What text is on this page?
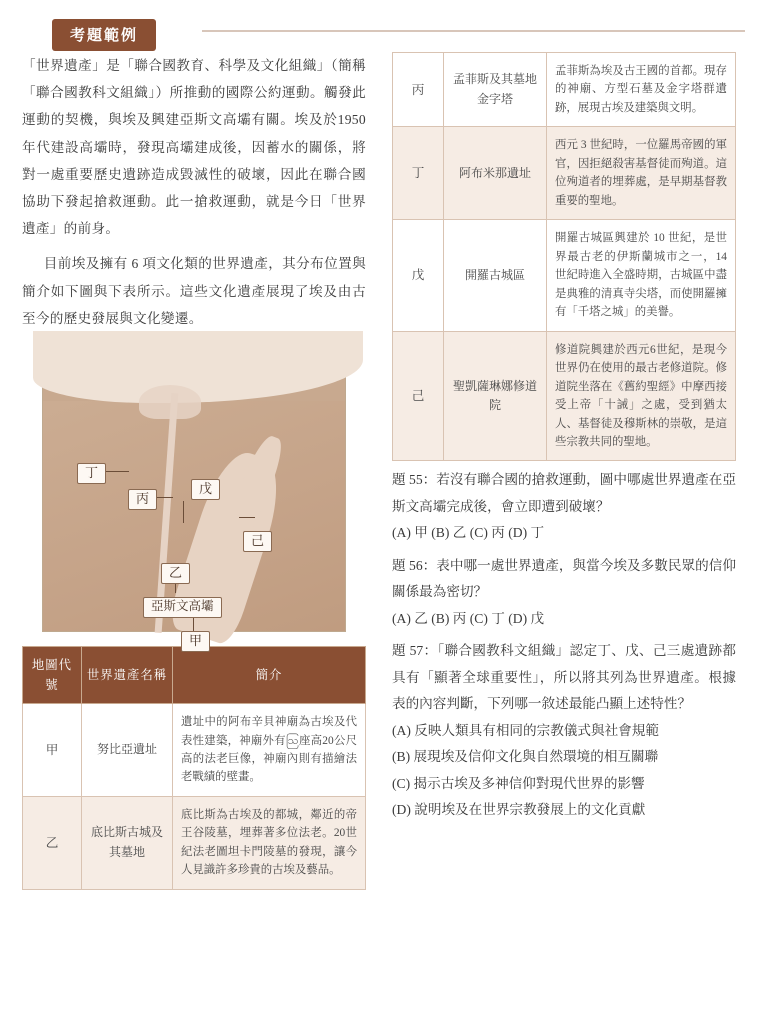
考題範例

「世界遺產」是「聯合國教育、科學及文化組織」（簡稱「聯合國教科文組織」）所推動的國際公約運動。觸發此運動的契機，與埃及興建亞斯文高壩有關。埃及於1950年代建設高壩時，發現高壩建成後，因蓄水的關係，將對一處重要歷史遺跡造成毀滅性的破壞，因此在聯合國協助下發起搶救運動。此一搶救運動，就是今日「世界遺產」的前身。

目前埃及擁有 6 項文化類的世界遺產，其分布位置與簡介如下圖與下表所示。這些文化遺產展現了埃及由古至今的歷史發展與文化變遷。

丁
丙
戊
己
乙
亞斯文高壩
甲
地圖代號	世界遺產名稱	簡介
甲	努比亞遺址	遺址中的阿布辛貝神廟為古埃及代表性建築，神廟外有ဩ座高20公尺高的法老巨像，神廟內則有描繪法老戰績的壁畫。
乙	底比斯古城及其墓地	底比斯為古埃及的都城，鄰近的帝王谷陵墓，埋葬著多位法老。20世紀法老圖坦卡門陵墓的發現，讓今人見識許多珍貴的古埃及藝品。
丙	孟菲斯及其墓地金字塔	孟菲斯為埃及古王國的首都。現存的神廟、方型石墓及金字塔群遺跡，展現古埃及建築與文明。
丁	阿布米那遺址	西元 3 世紀時，一位羅馬帝國的軍官，因拒絕殺害基督徒而殉道。這位殉道者的埋葬處，是早期基督教重要的聖地。
戊	開羅古城區	開羅古城區興建於 10 世紀，是世界最古老的伊斯蘭城市之一，14 世紀時進入全盛時期，古城區中盡是典雅的清真寺尖塔，而使開羅擁有「千塔之城」的美譽。
己	聖凱薩琳娜修道院	修道院興建於西元6世紀，是現今世界仍在使用的最古老修道院。修道院坐落在《舊約聖經》中摩西接受上帝「十誡」之處，受到猶太人、基督徒及穆斯林的崇敬，是這些宗教共同的聖地。
題 55：若沒有聯合國的搶救運動，圖中哪處世界遺產在亞斯文高壩完成後，會立即遭到破壞？
(A) 甲 (B) 乙 (C) 丙 (D) 丁
題 56：表中哪一處世界遺產，與當今埃及多數民眾的信仰關係最為密切？
(A) 乙 (B) 丙 (C) 丁 (D) 戊
題 57：「聯合國教科文組織」認定丁、戊、己三處遺跡都具有「顯著全球重要性」，所以將其列為世界遺產。根據表的內容判斷，下列哪一敘述最能凸顯上述特性？
(A) 反映人類具有相同的宗教儀式與社會規範
(B) 展現埃及信仰文化與自然環境的相互關聯
(C) 揭示古埃及多神信仰對現代世界的影響
(D) 說明埃及在世界宗教發展上的文化貢獻
